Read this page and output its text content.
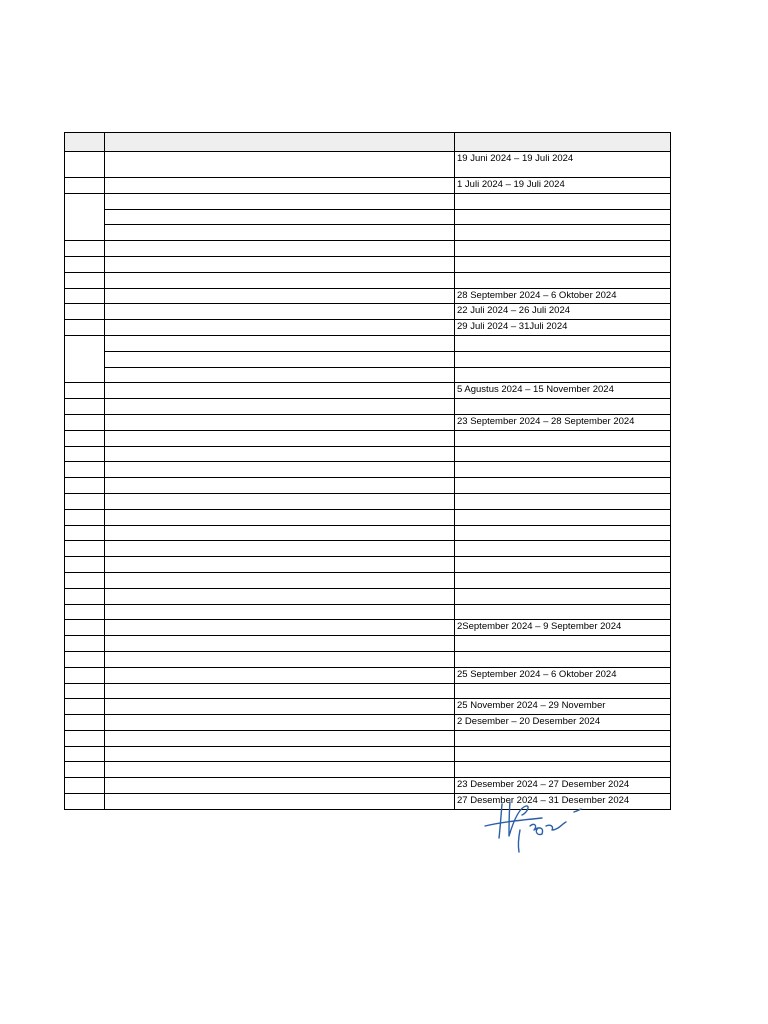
		19 Juni 2024 – 19 Juli 2024
		1 Juli 2024 – 19 Juli 2024

		28 September 2024 – 6 Oktober 2024
		22 Juli 2024 – 26 Juli 2024
		29 Juli 2024 – 31Juli 2024

		5 Agustus 2024 – 15 November 2024

		23 September 2024 – 28 September 2024

		2September 2024 – 9 September 2024

		25 September 2024 – 6 Oktober 2024

		25 November 2024 – 29 November
		2 Desember – 20 Desember 2024

		23 Desember 2024 – 27 Desember 2024
		27 Desember 2024 – 31 Desember 2024
